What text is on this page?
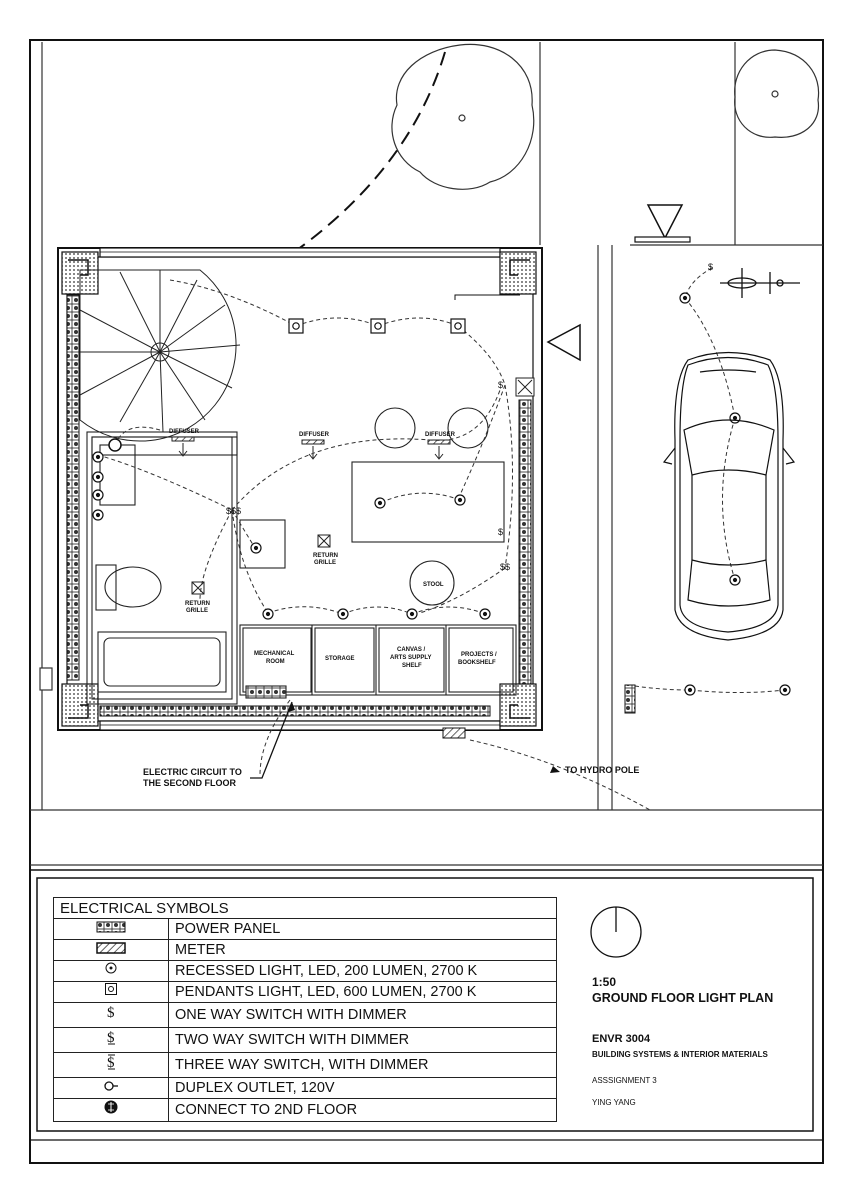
$$$
$
$$
$
$
DIFFUSER	DIFFUSER	DIFFUSER
RETURN
GRILLE
RETURN
GRILLE
STOOL
MECHANICAL
ROOM	STORAGE
CANVAS /
ARTS SUPPLY
SHELF
PROJECTS /
BOOKSHELF
ELECTRIC CIRCUIT TO
THE SECOND FLOOR
TO HYDRO POLE
ELECTRICAL SYMBOLS	
	POWER PANEL
	METER
	RECESSED LIGHT, LED, 200 LUMEN, 2700 K
	PENDANTS LIGHT, LED, 600 LUMEN, 2700 K

$	ONE WAY SWITCH WITH DIMMER

$	TWO WAY SWITCH WITH DIMMER

$	THREE WAY SWITCH, WITH DIMMER
	DUPLEX OUTLET, 120V
	CONNECT TO 2ND FLOOR
1:50
GROUND FLOOR LIGHT PLAN
ENVR 3004
BUILDING SYSTEMS & INTERIOR MATERIALS
ASSSIGNMENT 3
YING YANG
